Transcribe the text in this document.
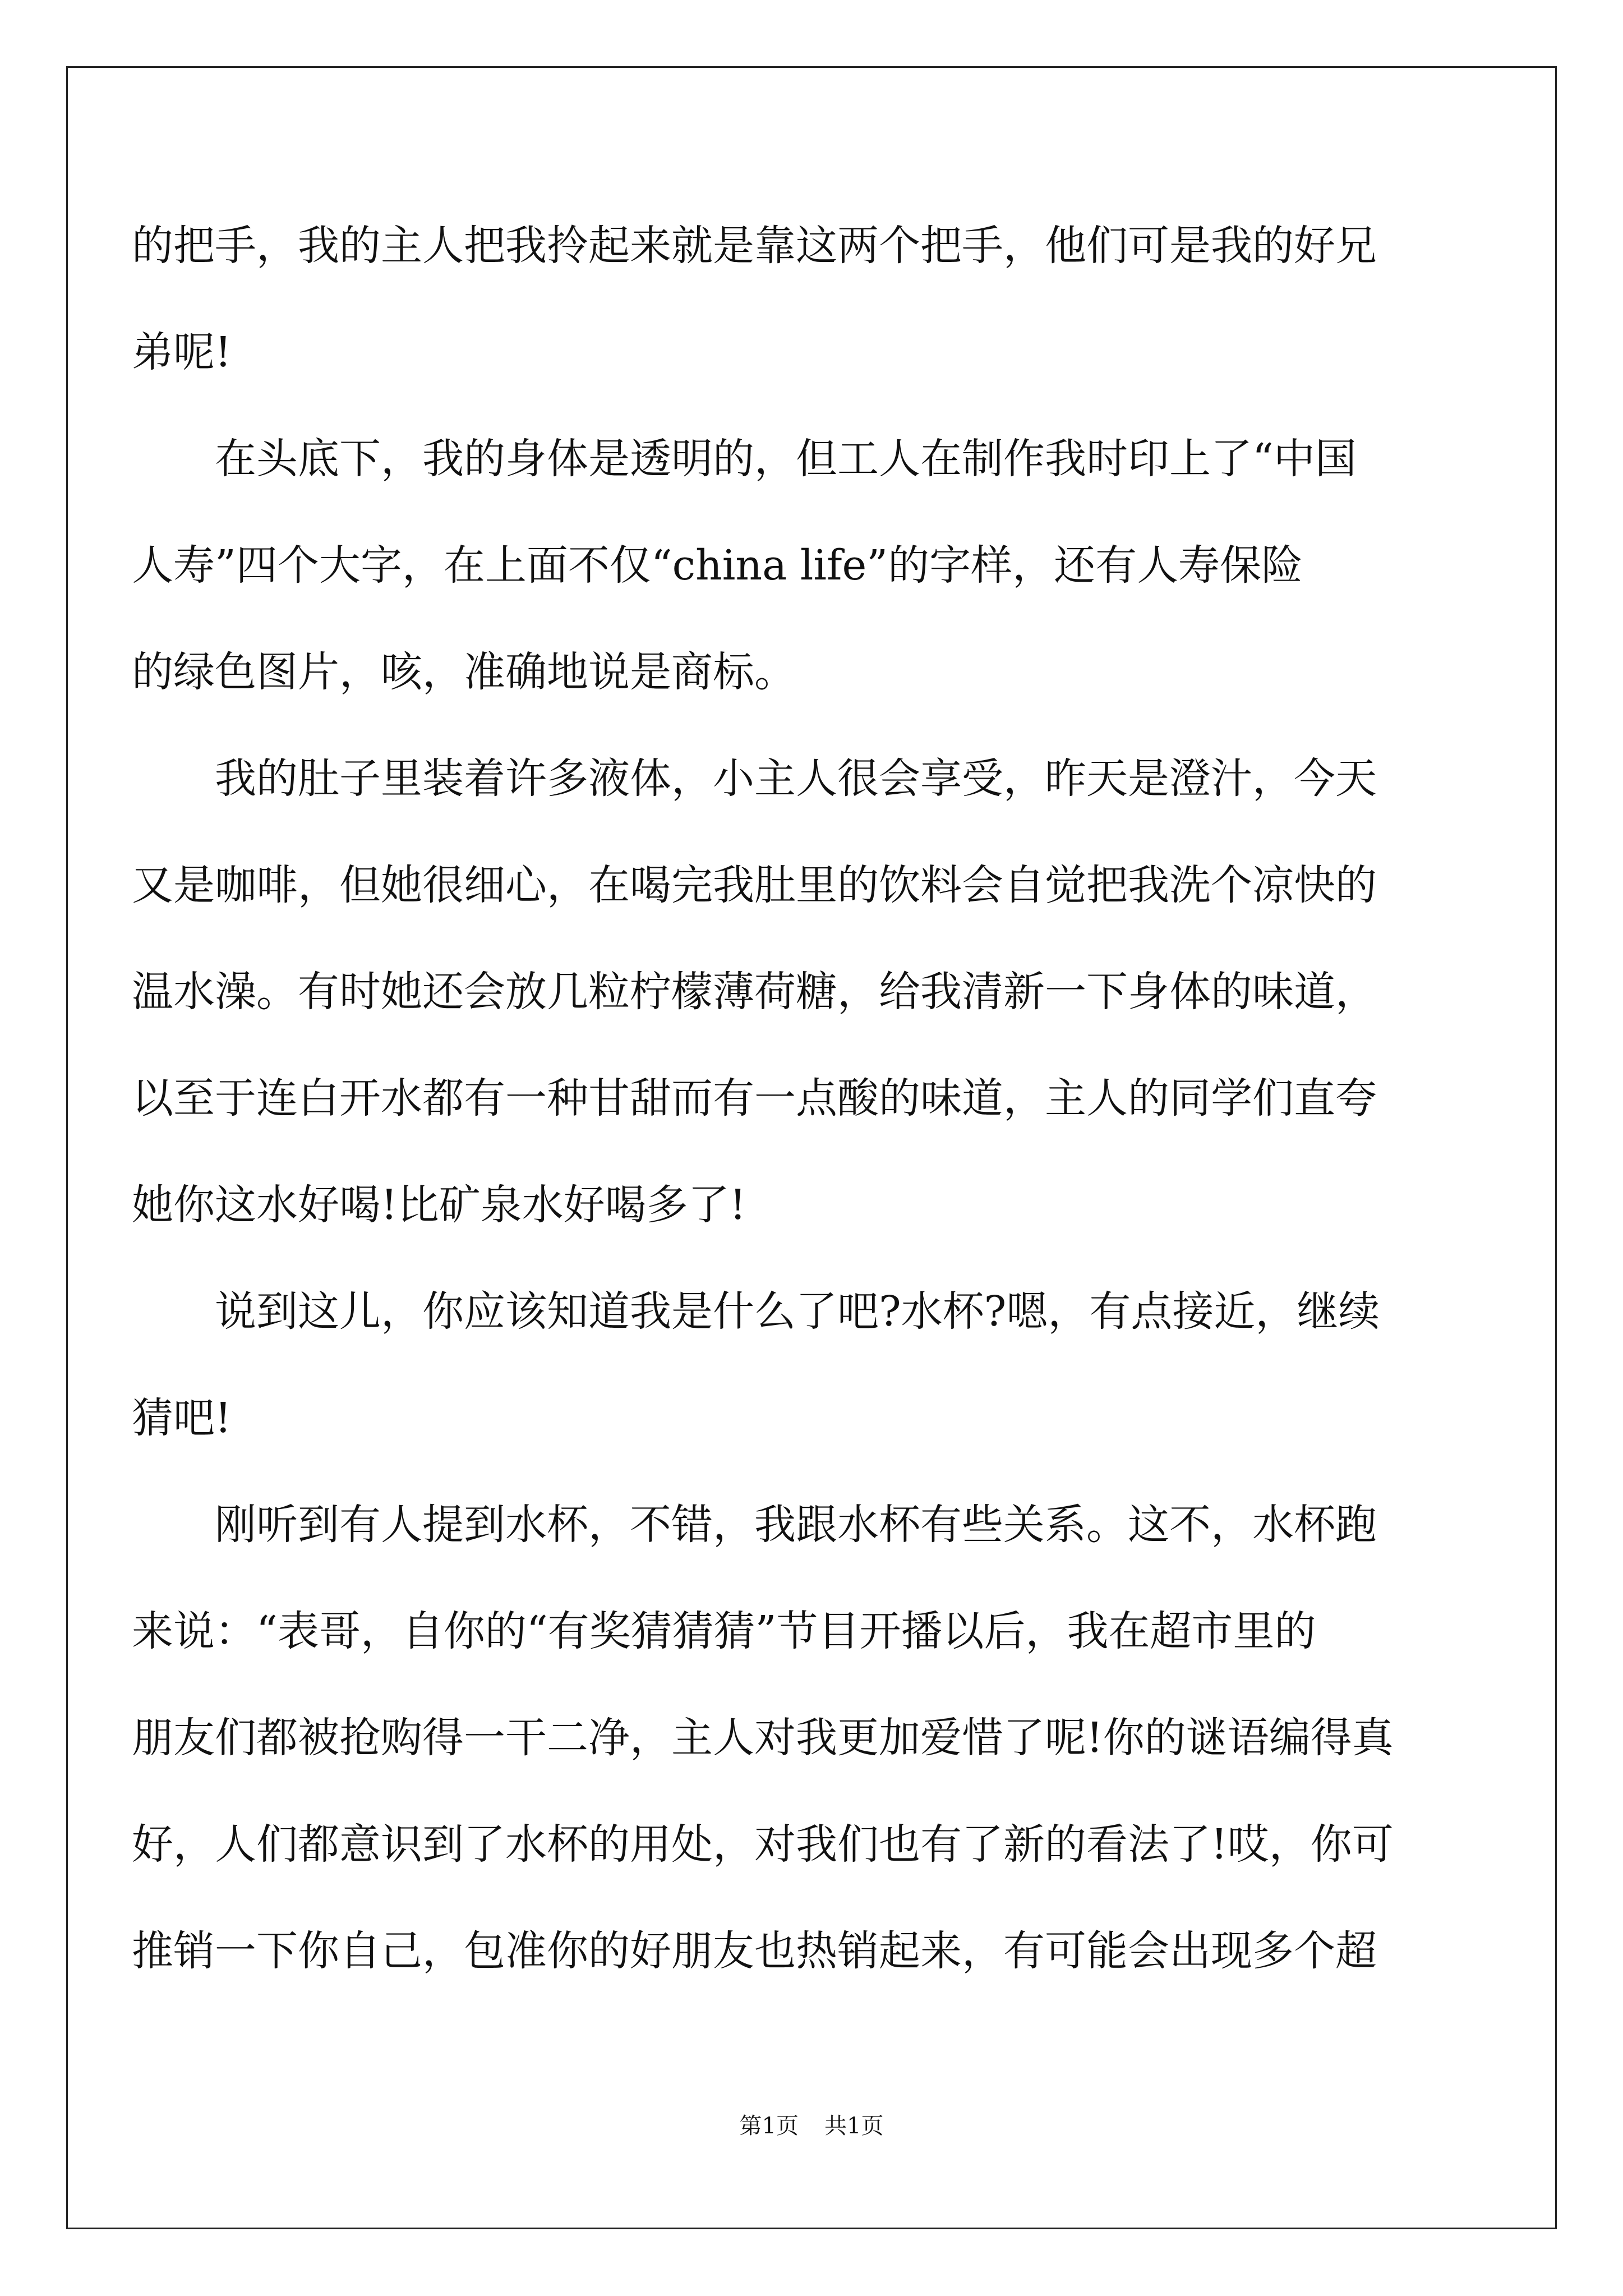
的把手，我的主人把我拎起来就是靠这两个把手，他们可是我的好兄
弟呢!
在头底下，我的身体是透明的，但工人在制作我时印上了“中国
人寿”四个大字，在上面不仅“china life”的字样，还有人寿保险
的绿色图片，咳，准确地说是商标。
我的肚子里装着许多液体，小主人很会享受，昨天是澄汁，今天
又是咖啡，但她很细心，在喝完我肚里的饮料会自觉把我洗个凉快的
温水澡。有时她还会放几粒柠檬薄荷糖，给我清新一下身体的味道，
以至于连白开水都有一种甘甜而有一点酸的味道，主人的同学们直夸
她你这水好喝!比矿泉水好喝多了!
说到这儿，你应该知道我是什么了吧?水杯?嗯，有点接近，继续
猜吧!
刚听到有人提到水杯，不错，我跟水杯有些关系。这不，水杯跑
来说：“表哥，自你的“有奖猜猜猜”节目开播以后，我在超市里的
朋友们都被抢购得一干二净，主人对我更加爱惜了呢!你的谜语编得真
好，人们都意识到了水杯的用处，对我们也有了新的看法了!哎，你可
推销一下你自己，包准你的好朋友也热销起来，有可能会出现多个超
第1页 共1页
